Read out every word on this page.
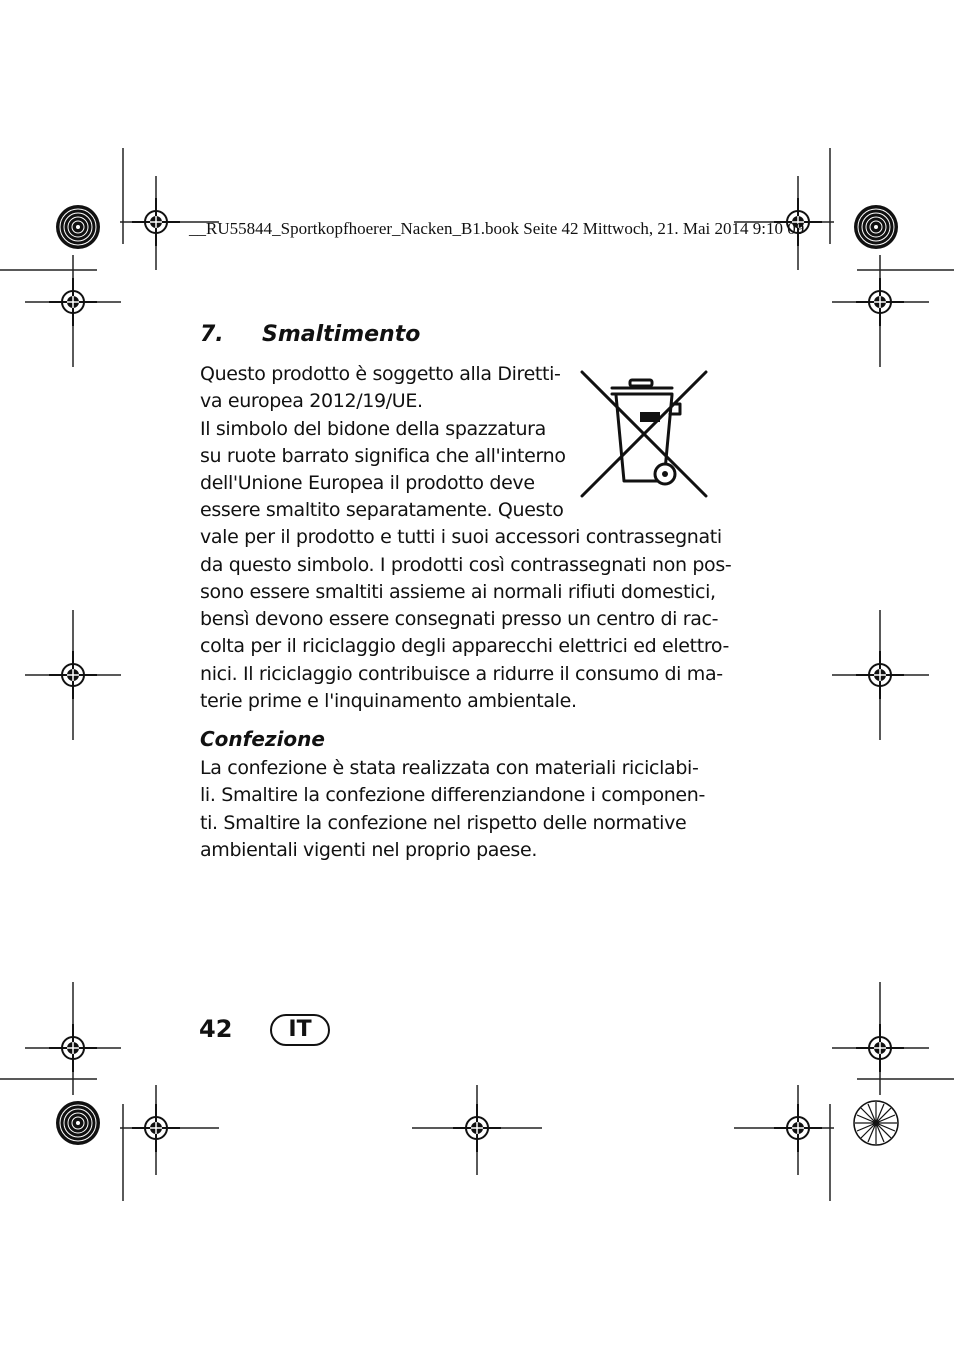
__RU55844_Sportkopfhoerer_Nacken_B1.book Seite 42 Mittwoch, 21. Mai 2014 9:10 09
7. Smaltimento
Questo prodotto è soggetto alla Diretti-
va europea 2012/19/UE.
Il simbolo del bidone della spazzatura
su ruote barrato significa che all'interno
dell'Unione Europea il prodotto deve
essere smaltito separatamente. Questo
vale per il prodotto e tutti i suoi accessori contrassegnati
da questo simbolo. I prodotti così contrassegnati non pos-
sono essere smaltiti assieme ai normali rifiuti domestici,
bensì devono essere consegnati presso un centro di rac-
colta per il riciclaggio degli apparecchi elettrici ed elettro-
nici. Il riciclaggio contribuisce a ridurre il consumo di ma-
terie prime e l'inquinamento ambientale.
Confezione
La confezione è stata realizzata con materiali riciclabi-
li. Smaltire la confezione differenziandone i componen-
ti. Smaltire la confezione nel rispetto delle normative
ambientali vigenti nel proprio paese.
42	IT
